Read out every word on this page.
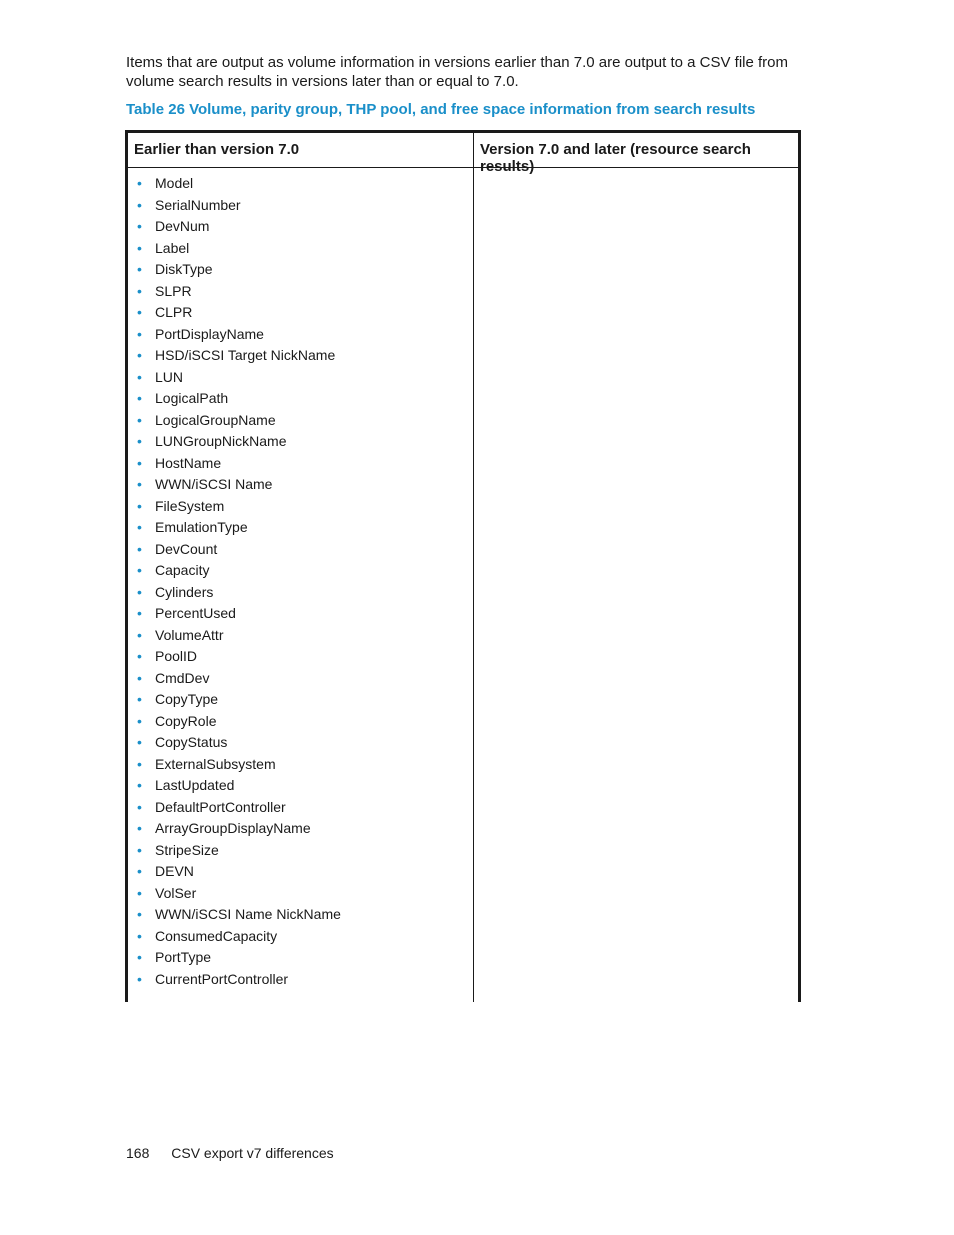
Items that are output as volume information in versions earlier than 7.0 are output to a CSV file from volume search results in versions later than or equal to 7.0.

Table 26 Volume, parity group, THP pool, and free space information from search results

Earlier than version 7.0	Version 7.0 and later (resource search results)
• Model
• SerialNumber
• DevNum
• Label
• DiskType
• SLPR
• CLPR
• PortDisplayName
• HSD/iSCSI Target NickName
• LUN
• LogicalPath
• LogicalGroupName
• LUNGroupNickName
• HostName
• WWN/iSCSI Name
• FileSystem
• EmulationType
• DevCount
• Capacity
• Cylinders
• PercentUsed
• VolumeAttr
• PoolID
• CmdDev
• CopyType
• CopyRole
• CopyStatus
• ExternalSubsystem
• LastUpdated
• DefaultPortController
• ArrayGroupDisplayName
• StripeSize
• DEVN
• VolSer
• WWN/iSCSI Name NickName
• ConsumedCapacity
• PortType
• CurrentPortController
168 CSV export v7 differences
